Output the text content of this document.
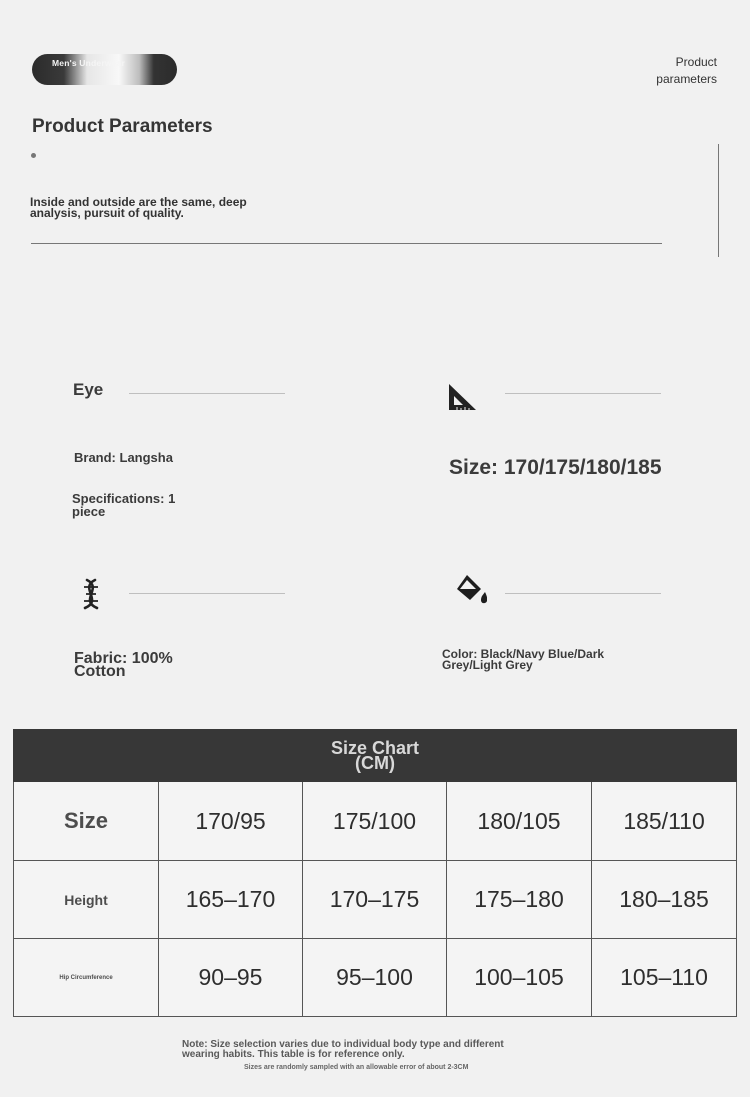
Men's Underwear	Product
parameters
Product Parameters
Inside and outside are the same, deep analysis, pursuit of quality.
Eye
Brand: Langsha
Specifications: 1 piece
Size: 170/175/180/185
Fabric: 100% Cotton
Color: Black/Navy Blue/Dark Grey/Light Grey
Size Chart (CM)				

Size	170/95	175/100	180/105	185/110
Height	165–170	170–175	175–180	180–185
Hip Circumference	90–95	95–100	100–105	105–110
Note: Size selection varies due to individual body type and different wearing habits. This table is for reference only.
Sizes are randomly sampled with an allowable error of about 2-3CM
